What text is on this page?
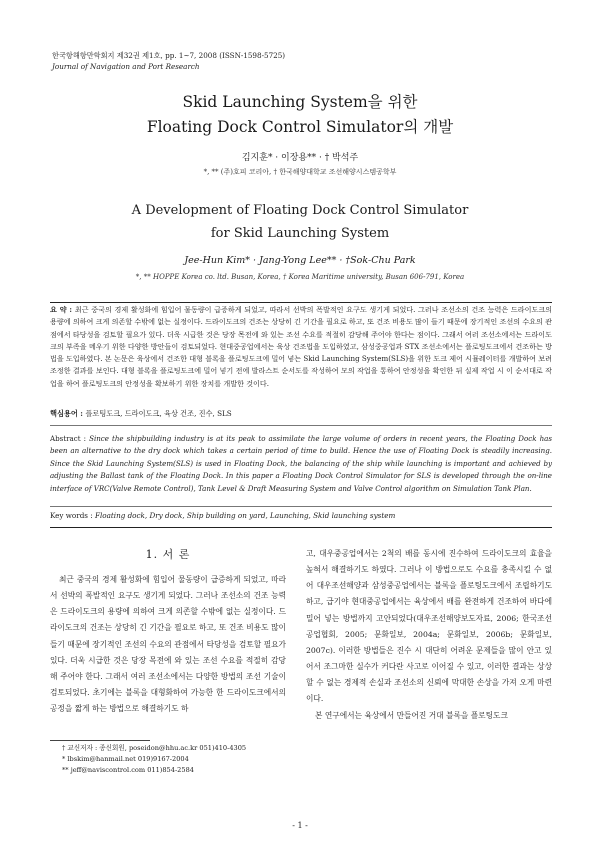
한국항해항만학회지 제32권 제1호, pp. 1~7, 2008 (ISSN-1598-5725)
Journal of Navigation and Port Research
Skid Launching System을 위한
Floating Dock Control Simulator의 개발
김지훈* · 이장용** · † 박석주
*, ** (주)호피 코리아, † 한국해양대학교 조선해양시스템공학부
A Development of Floating Dock Control Simulator
for Skid Launching System
Jee-Hun Kim* · Jang-Yong Lee** · †Sok-Chu Park
*, ** HOPPE Korea co. ltd. Busan, Korea, † Korea Maritime university, Busan 606-791, Korea
요 약 : 최근 중국의 경제 활성화에 힘입어 물동량이 급증하게 되었고, 따라서 선박의 폭발적인 요구도 생기게 되었다. 그러나 조선소의 건조 능력은 드라이도크의 용량에 의하여 크게 의존할 수밖에 없는 실정이다. 드라이도크의 건조는 상당히 긴 기간을 필요로 하고, 또 건조 비용도 많이 들기 때문에 장기적인 조선의 수요의 관점에서 타당성을 검토할 필요가 있다. 더욱 시급한 것은 당장 목전에 와 있는 조선 수요를 적절히 감당해 주어야 한다는 점이다. 그래서 여러 조선소에서는 드라이도크의 부족을 메우기 위한 다양한 방안들이 검토되었다. 현대중공업에서는 육상 건조법을 도입하였고, 삼성중공업과 STX 조선소에서는 플로팅도크에서 건조하는 방법을 도입하였다. 본 논문은 육상에서 건조한 대형 블록을 플로팅도크에 밀어 넣는 Skid Launching System(SLS)을 위한 도크 제어 시뮬레이터를 개발하여 보려 조정한 결과를 보인다. 대형 블록을 플로팅도크에 밀어 넣기 전에 발라스트 순서도를 작성하여 모의 작업을 통하여 안정성을 확인한 뒤 실제 작업 시 이 순서대로 작업을 하여 플로팅도크의 안정성을 확보하기 위한 장치를 개발한 것이다.
핵심용어 : 플로팅도크, 드라이도크, 육상 건조, 진수, SLS
Abstract : Since the shipbuilding industry is at its peak to assimilate the large volume of orders in recent years, the Floating Dock has been an alternative to the dry dock which takes a certain period of time to build. Hence the use of Floating Dock is steadily increasing. Since the Skid Launching System(SLS) is used in Floating Dock, the balancing of the ship while launching is important and achieved by adjusting the Ballast tank of the Floating Dock. In this paper a Floating Dock Control Simulator for SLS is developed through the on-line interface of VRC(Valve Remote Control), Tank Level & Draft Measuring System and Valve Control algorithm on Simulation Tank Plan.
Key words : Floating dock, Dry dock, Ship building on yard, Launching, Skid launching system
1. 서 론

최근 중국의 경제 활성화에 힘입어 물동량이 급증하게 되었고, 따라서 선박의 폭발적인 요구도 생기게 되었다. 그러나 조선소의 건조 능력은 드라이도크의 용량에 의하여 크게 의존할 수밖에 없는 실정이다. 드라이도크의 건조는 상당히 긴 기간을 필요로 하고, 또 건조 비용도 많이 들기 때문에 장기적인 조선의 수요의 관점에서 타당성을 검토할 필요가 있다. 더욱 시급한 것은 당장 목전에 와 있는 조선 수요를 적절히 감당해 주어야 한다. 그래서 여러 조선소에서는 다양한 방법의 조선 기술이 검토되었다. 초기에는 블록을 대형화하여 가능한 한 드라이도크에서의 공정을 짧게 하는 방법으로 해결하기도 하

고, 대우중공업에서는 2척의 배를 동시에 진수하여 드라이도크의 효율을 높혀서 해결하기도 하였다. 그러나 이 방법으로도 수요를 충족시킬 수 없어 대우조선해양과 삼성중공업에서는 블록을 플로팅도크에서 조립하기도 하고, 급기야 현대중공업에서는 육상에서 배를 완전하게 건조하여 바다에 밀어 넣는 방법까지 고안되었다(대우조선해양보도자료, 2006; 한국조선공업협회, 2005; 문화일보, 2004a; 문화일보, 2006b; 문화일보, 2007c). 이러한 방법들은 진수 시 대단히 어려운 문제들을 많이 안고 있어서 조그마한 실수가 커다란 사고로 이어질 수 있고, 이러한 결과는 상상할 수 없는 경제적 손실과 조선소의 신뢰에 막대한 손상을 가져 오게 마련이다.

본 연구에서는 육상에서 만들어진 거대 블록을 플로팅도크

† 교신저자 : 종신회원, poseidon@hhu.ac.kr 051)410-4305
* lbskim@hanmail.net 019)9167-2004
** jeff@naviscontrol.com 011)854-2584
- 1 -
